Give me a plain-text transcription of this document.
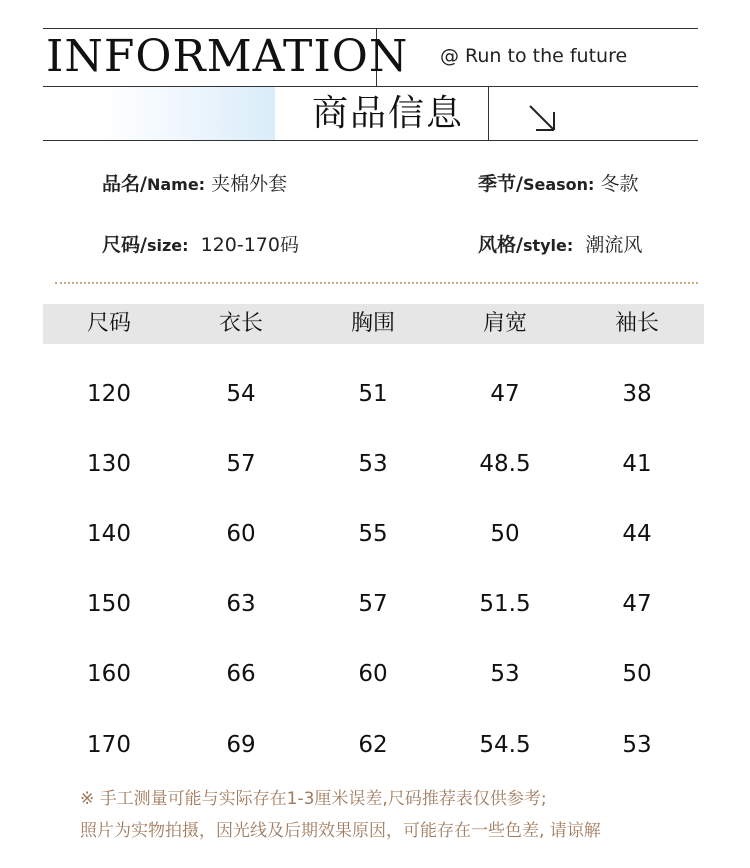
INFORMATION @ Run to the future
商品信息
品名/Name: 夹棉外套	季节/Season: 冬款
尺码/size: 120-170码	风格/style: 潮流风
尺码	衣长	胸围	肩宽	袖长
120	54	51	47	38
130	57	53	48.5	41
140	60	55	50	44
150	63	57	51.5	47
160	66	60	53	50
170	69	62	54.5	53
※ 手工测量可能与实际存在1-3厘米误差,尺码推荐表仅供参考;
照片为实物拍摄，因光线及后期效果原因，可能存在一些色差, 请谅解
